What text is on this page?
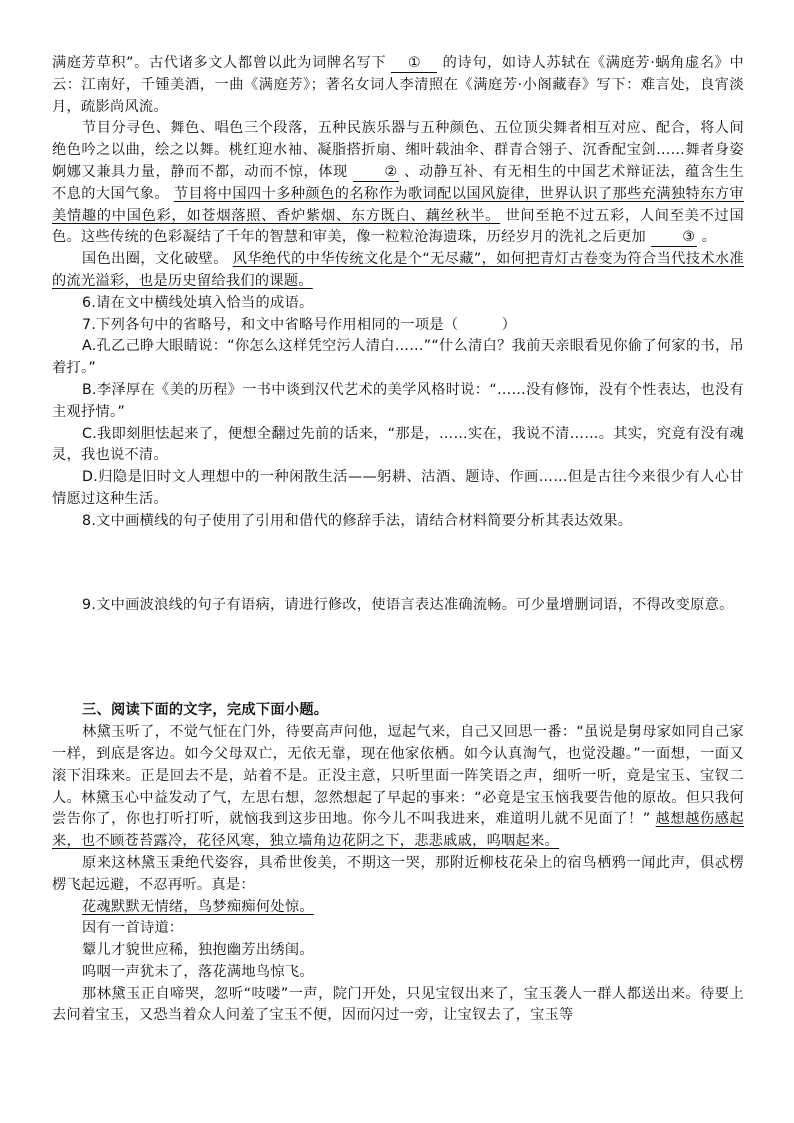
满庭芳草积”。古代诸多文人都曾以此为词牌名写下 ① 的诗句，如诗人苏轼在《满庭芳·蜗角虚名》中云：江南好，千锺美酒，一曲《满庭芳》；著名女词人李清照在《满庭芳·小阁藏春》写下：难言处，良宵淡月，疏影尚风流。

节目分寻色、舞色、唱色三个段落，五种民族乐器与五种颜色、五位顶尖舞者相互对应、配合，将人间绝色吟之以曲，绘之以舞。桃红迎水袖、凝脂搭折扇、缃叶载油伞、群青合翎子、沉香配宝剑……舞者身姿婀娜又兼具力量，静而不都，动而不惊，体现	② 、动静互补、有无相生的中国艺术辩证法，蕴含生生不息的大国气象。 节目将中国四十多种颜色的名称作为歌词配以国风旋律，世界认识了那些充满独特东方审美情趣的中国色彩，如苍烟落照、香炉紫烟、东方既白、藕丝秋半。 世间至艳不过五彩，人间至美不过国色。这些传统的色彩凝结了千年的智慧和审美，像一粒粒沧海遗珠，历经岁月的洗礼之后更加	③ 。

国色出圈，文化破壁。 风华绝代的中华传统文化是个“无尽藏”，如何把青灯古卷变为符合当代技术水准的流光溢彩，也是历史留给我们的课题。

6.请在文中横线处填入恰当的成语。

7.下列各句中的省略号，和文中省略号作用相同的一项是（　　　）

A.孔乙己睁大眼睛说：“你怎么这样凭空污人清白……”“什么清白？我前天亲眼看见你偷了何家的书，吊着打。”

B.李泽厚在《美的历程》一书中谈到汉代艺术的美学风格时说：“……没有修饰，没有个性表达，也没有主观抒情。”

C.我即刻胆怯起来了，便想全翻过先前的话来，“那是，……实在，我说不清……。其实，究竟有没有魂灵，我也说不清。

D.归隐是旧时文人理想中的一种闲散生活——躬耕、沽酒、题诗、作画……但是古往今来很少有人心甘情愿过这种生活。

8.文中画横线的句子使用了引用和借代的修辞手法，请结合材料简要分析其表达效果。

9.文中画波浪线的句子有语病，请进行修改，使语言表达准确流畅。可少量增删词语，不得改变原意。

三、阅读下面的文字，完成下面小题。

林黛玉听了，不觉气怔在门外，待要高声问他，逗起气来，自己又回思一番：“虽说是舅母家如同自己家一样，到底是客边。如今父母双亡，无依无靠，现在他家依栖。如今认真淘气，也觉没趣。”一面想，一面又滚下泪珠来。正是回去不是，站着不是。正没主意，只听里面一阵笑语之声，细听一听，竟是宝玉、宝钗二人。林黛玉心中益发动了气，左思右想，忽然想起了早起的事来：“必竟是宝玉恼我要告他的原故。但只我何尝告你了，你也打听打听，就恼我到这步田地。你今儿不叫我进来，难道明儿就不见面了！” 越想越伤感起来，也不顾苍苔露冷，花径风寒，独立墙角边花阴之下，悲悲戚戚，呜咽起来。

原来这林黛玉秉绝代姿容，具希世俊美，不期这一哭，那附近柳枝花朵上的宿鸟栖鸦一闻此声，俱忒楞楞飞起远避，不忍再听。真是：

花魂默默无情绪，鸟梦痴痴何处惊。

因有一首诗道：

颦儿才貌世应稀，独抱幽芳出绣闺。

呜咽一声犹未了，落花满地鸟惊飞。

那林黛玉正自啼哭，忽听“吱喽”一声，院门开处，只见宝钗出来了，宝玉袭人一群人都送出来。待要上去问着宝玉，又恐当着众人问羞了宝玉不便，因而闪过一旁，让宝钗去了，宝玉等
